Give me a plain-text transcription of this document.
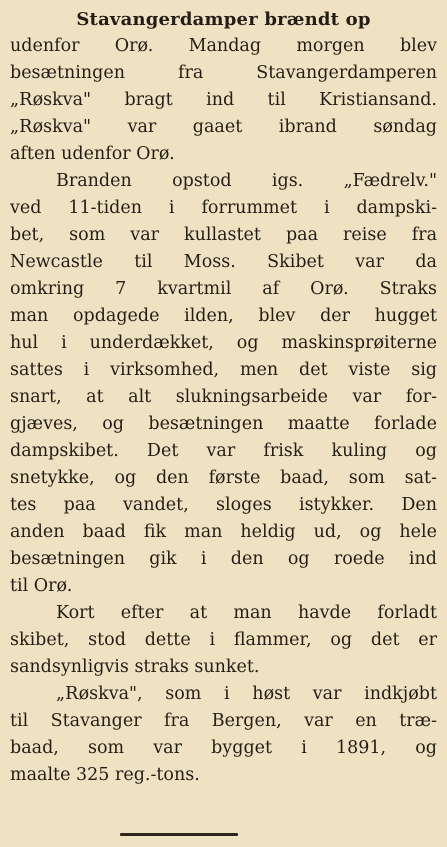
Stavangerdamper brændt op
udenfor Orø. Mandag morgen blev
besætningen fra Stavangerdamperen
„Røskva" bragt ind til Kristiansand.
„Røskva" var gaaet ibrand søndag
aften udenfor Orø.
Branden opstod igs. „Fædrelv."
ved 11-tiden i forrummet i dampski-
bet, som var kullastet paa reise fra
Newcastle til Moss. Skibet var da
omkring 7 kvartmil af Orø. Straks
man opdagede ilden, blev der hugget
hul i underdækket, og maskinsprøiterne
sattes i virksomhed, men det viste sig
snart, at alt slukningsarbeide var for-
gjæves, og besætningen maatte forlade
dampskibet. Det var frisk kuling og
snetykke, og den første baad, som sat-
tes paa vandet, sloges istykker. Den
anden baad fik man heldig ud, og hele
besætningen gik i den og roede ind
til Orø.
Kort efter at man havde forladt
skibet, stod dette i flammer, og det er
sandsynligvis straks sunket.
„Røskva", som i høst var indkjøbt
til Stavanger fra Bergen, var en træ-
baad, som var bygget i 1891, og
maalte 325 reg.-tons.
